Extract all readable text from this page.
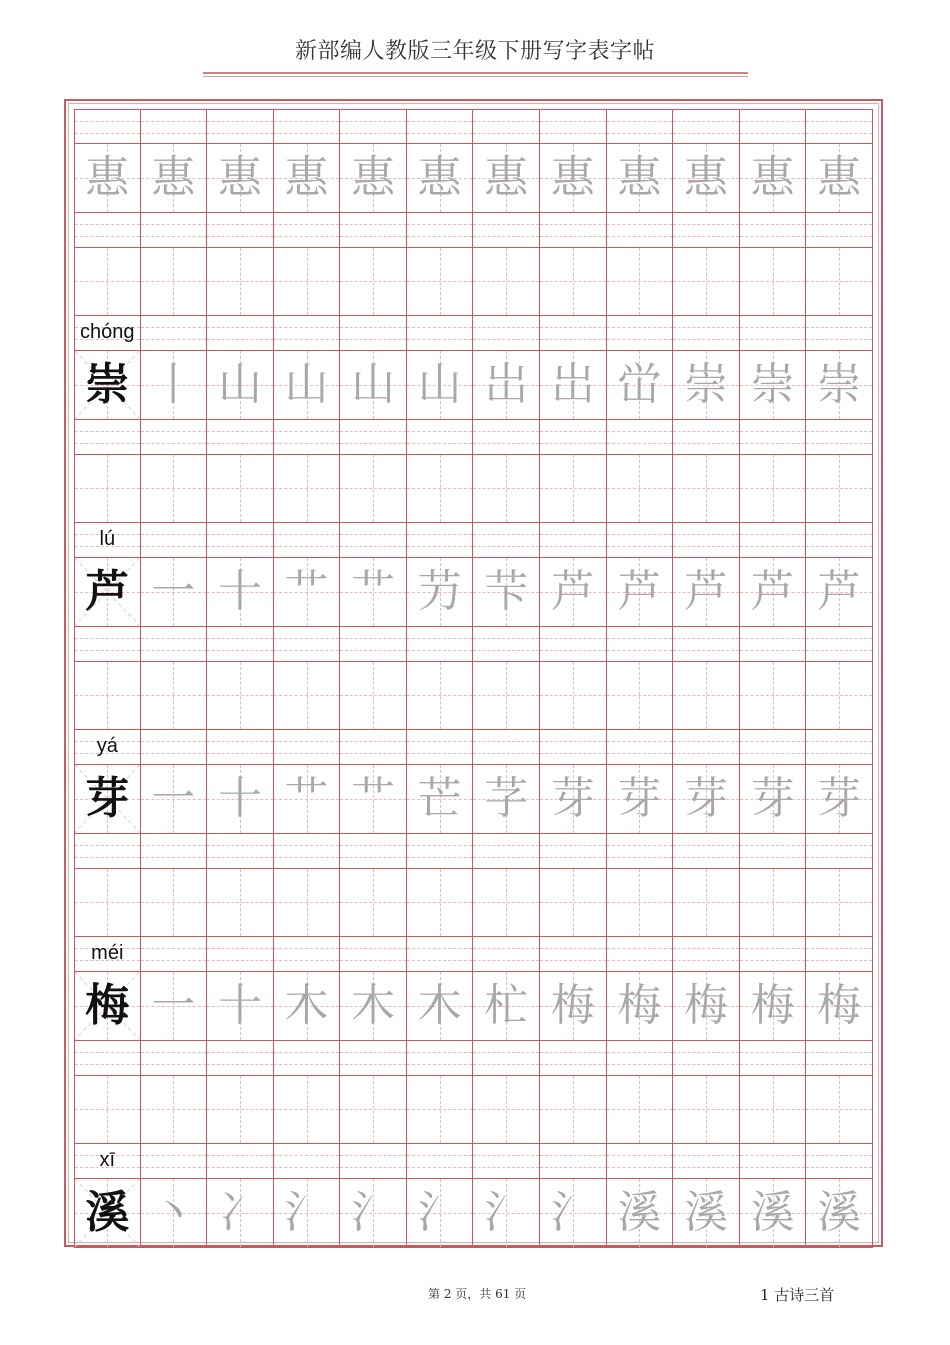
新部编人教版三年级下册写字表字帖
惠 惠 惠 惠 惠 惠 惠 惠 惠 惠 惠 惠
chóng
崇 丨 山 山 山 山 岀 岀 峃 崇 崇 崇
lú
芦 一 十 艹 艹 芀 芐 芦 芦 芦 芦 芦
yá
芽 一 十 艹 艹 芒 芓 芽 芽 芽 芽 芽
méi
梅 一 十 木 木 木 杧 梅 梅 梅 梅 梅
xī
溪 丶 冫 氵 氵 氵 氵 氵 溪 溪 溪 溪
第 2 页，共 61 页	1 古诗三首
